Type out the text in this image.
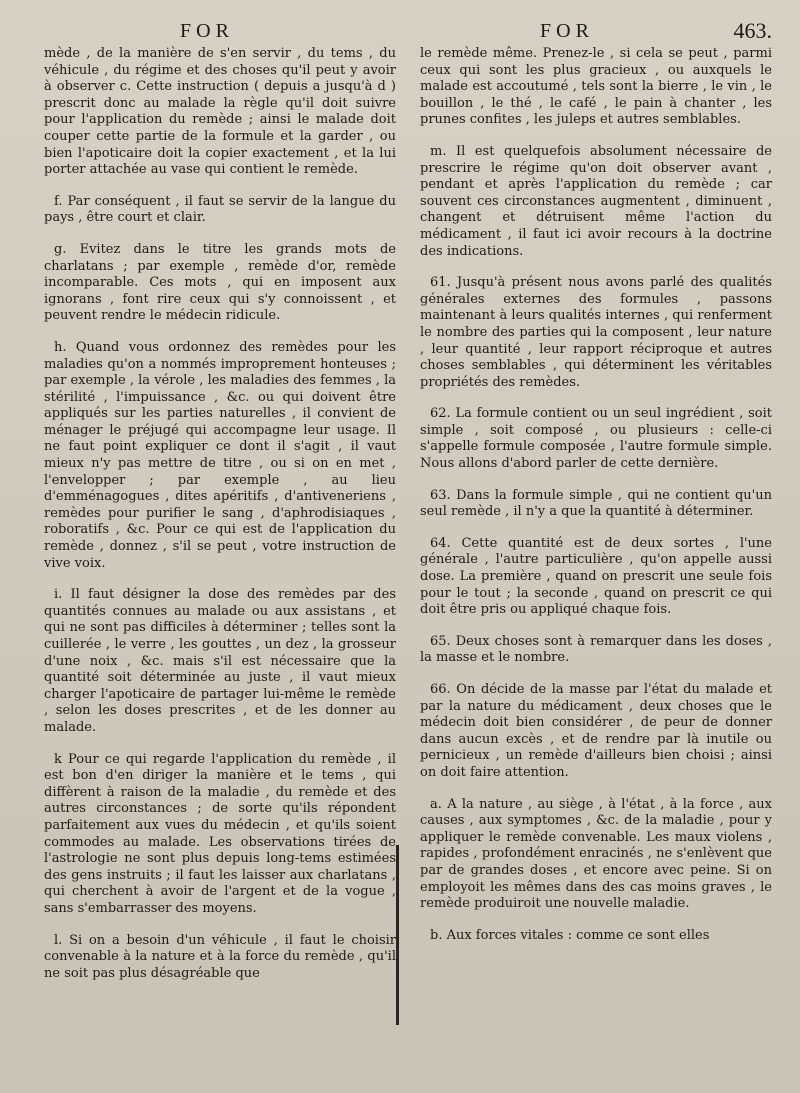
FOR	FOR	463.

mède , de la manière de s'en servir , du tems , du véhicule , du régime et des choses qu'il peut y avoir à observer c. Cette instruction ( depuis a jusqu'à d ) prescrit donc au malade la règle qu'il doit suivre pour l'application du remède ; ainsi le malade doit couper cette partie de la formule et la garder , ou bien l'apoticaire doit la copier exactement , et la lui porter attachée au vase qui contient le remède.

f. Par conséquent , il faut se servir de la langue du pays , être court et clair.

g. Evitez dans le titre les grands mots de charlatans ; par exemple , remède d'or, remède incomparable. Ces mots , qui en imposent aux ignorans , font rire ceux qui s'y connoissent , et peuvent rendre le médecin ridicule.

h. Quand vous ordonnez des remèdes pour les maladies qu'on a nommés improprement honteuses ; par exemple , la vérole , les maladies des femmes , la stérilité , l'impuissance , &c. ou qui doivent être appliqués sur les parties naturelles , il convient de ménager le préjugé qui accompagne leur usage. Il ne faut point expliquer ce dont il s'agit , il vaut mieux n'y pas mettre de titre , ou si on en met , l'envelopper ; par exemple , au lieu d'emménagogues , dites apéritifs , d'antiveneriens , remèdes pour purifier le sang , d'aphrodisiaques , roboratifs , &c. Pour ce qui est de l'application du remède , donnez , s'il se peut , votre instruction de vive voix.

i. Il faut désigner la dose des remèdes par des quantités connues au malade ou aux assistans , et qui ne sont pas difficiles à déterminer ; telles sont la cuillerée , le verre , les gouttes , un dez , la grosseur d'une noix , &c. mais s'il est nécessaire que la quantité soit déterminée au juste , il vaut mieux charger l'apoticaire de partager lui-même le remède , selon les doses prescrites , et de les donner au malade.

k Pour ce qui regarde l'application du remède , il est bon d'en diriger la manière et le tems , qui diffèrent à raison de la maladie , du remède et des autres circonstances ; de sorte qu'ils répondent parfaitement aux vues du médecin , et qu'ils soient commodes au malade. Les observations tirées de l'astrologie ne sont plus depuis long-tems estimées des gens instruits ; il faut les laisser aux charlatans , qui cherchent à avoir de l'argent et de la vogue , sans s'embarrasser des moyens.

l. Si on a besoin d'un véhicule , il faut le choisir convenable à la nature et à la force du remède , qu'il ne soit pas plus désagréable que

le remède même. Prenez-le , si cela se peut , parmi ceux qui sont les plus gracieux , ou auxquels le malade est accoutumé , tels sont la bierre , le vin , le bouillon , le thé , le café , le pain à chanter , les prunes confites , les juleps et autres semblables.

m. Il est quelquefois absolument nécessaire de prescrire le régime qu'on doit observer avant , pendant et après l'application du remède ; car souvent ces circonstances augmentent , diminuent , changent et détruisent même l'action du médicament , il faut ici avoir recours à la doctrine des indications.

61. Jusqu'à présent nous avons parlé des qualités générales externes des formules , passons maintenant à leurs qualités internes , qui renferment le nombre des parties qui la composent , leur nature , leur quantité , leur rapport réciproque et autres choses semblables , qui déterminent les véritables propriétés des remèdes.

62. La formule contient ou un seul ingrédient , soit simple , soit composé , ou plusieurs : celle-ci s'appelle formule composée , l'autre formule simple. Nous allons d'abord parler de cette dernière.

63. Dans la formule simple , qui ne contient qu'un seul remède , il n'y a que la quantité à déterminer.

64. Cette quantité est de deux sortes , l'une générale , l'autre particulière , qu'on appelle aussi dose. La première , quand on prescrit une seule fois pour le tout ; la seconde , quand on prescrit ce qui doit être pris ou appliqué chaque fois.

65. Deux choses sont à remarquer dans les doses , la masse et le nombre.

66. On décide de la masse par l'état du malade et par la nature du médicament , deux choses que le médecin doit bien considérer , de peur de donner dans aucun excès , et de rendre par là inutile ou pernicieux , un remède d'ailleurs bien choisi ; ainsi on doit faire attention.

a. A la nature , au siège , à l'état , à la force , aux causes , aux symptomes , &c. de la maladie , pour y appliquer le remède convenable. Les maux violens , rapides , profondément enracinés , ne s'enlèvent que par de grandes doses , et encore avec peine. Si on employoit les mêmes dans des cas moins graves , le remède produiroit une nouvelle maladie.

b. Aux forces vitales : comme ce sont elles
